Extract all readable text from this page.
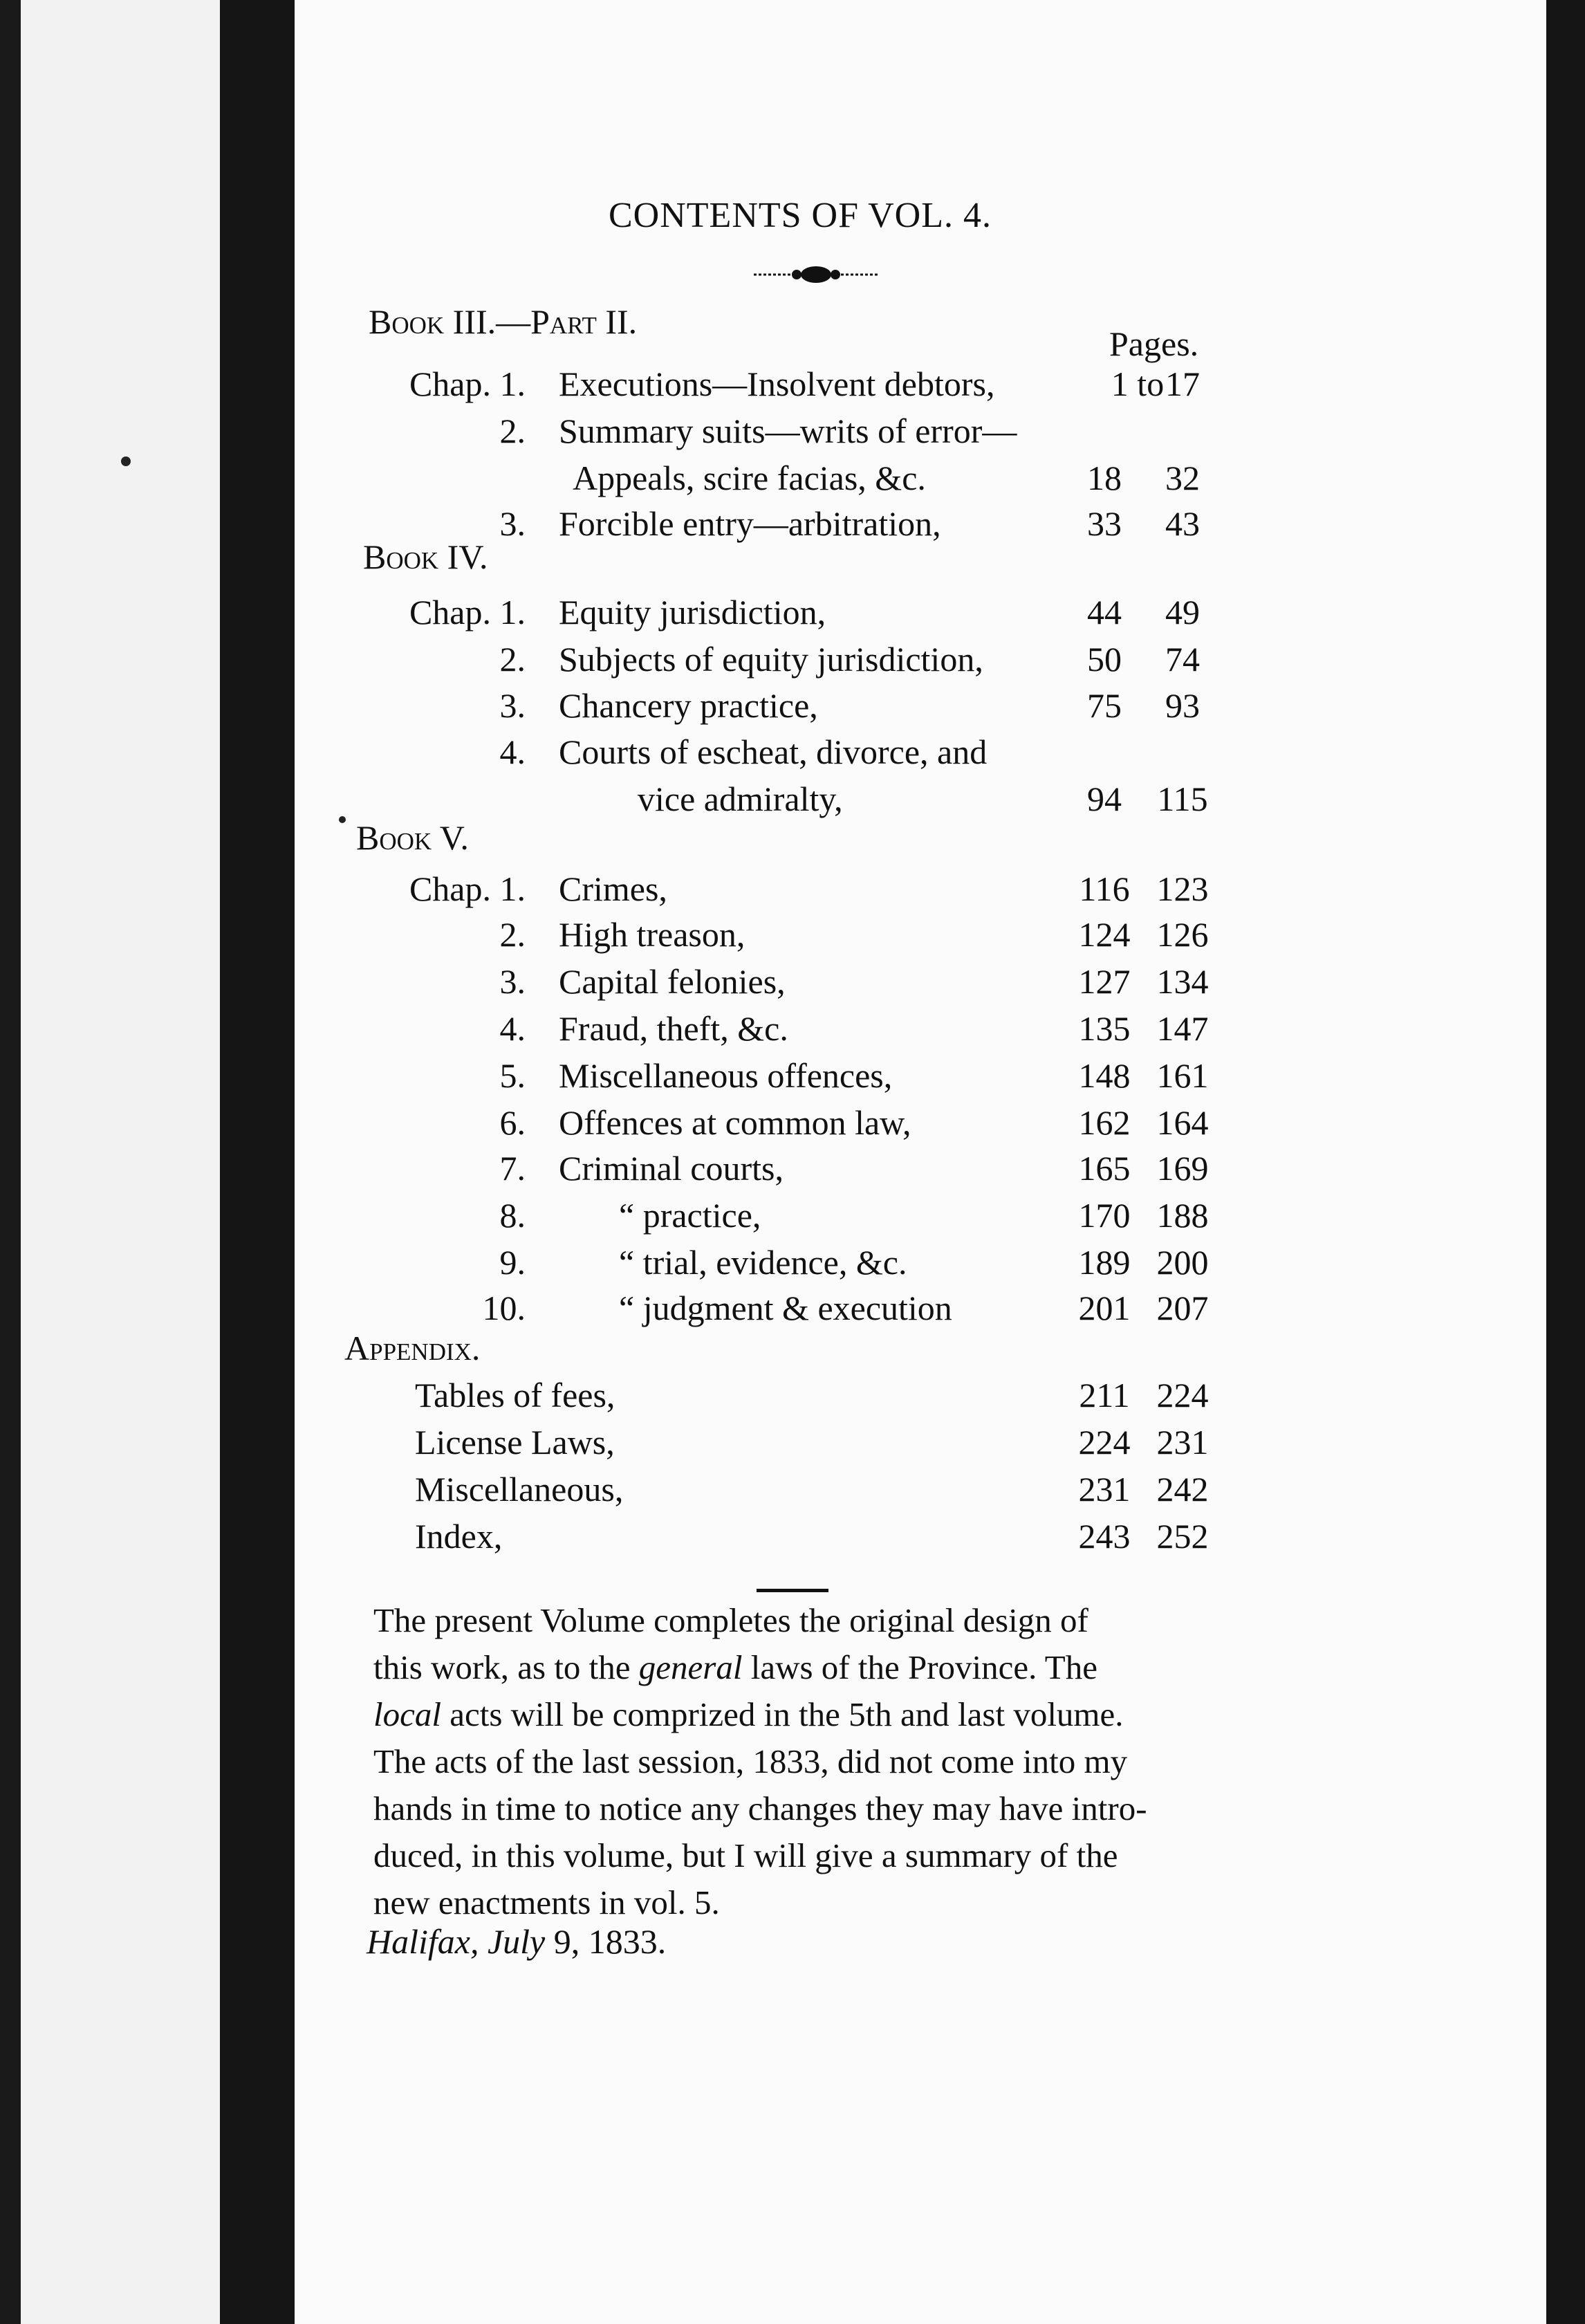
CONTENTS OF VOL. 4.
Pages.
Book III.—Part II.
Chap. 1. Executions—Insolvent debtors,	1 to 17
2. Summary suits—writs of error—
Appeals, scire facias, &c.	18	32
3. Forcible entry—arbitration,	33	43
Book IV.
Chap. 1. Equity jurisdiction,	44	49
2. Subjects of equity jurisdiction,	50	74
3. Chancery practice,	75	93
4. Courts of escheat, divorce, and
vice admiralty,	94	115
Book V.
Chap. 1. Crimes,	116 123
2. High treason,	124 126
3. Capital felonies,	127 134
4. Fraud, theft, &c.	135 147
5. Miscellaneous offences,	148 161
6. Offences at common law,	162 164
7. Criminal courts,	165 169
8.	“ practice,	170 188
9.	“ trial, evidence, &c.	189 200
10.	“ judgment & execution	201 207
Appendix.
Tables of fees,	211 224
License Laws,	224 231
Miscellaneous,	231 242
Index,	243 252
The present Volume completes the original design of
this work, as to the general laws of the Province. The
local acts will be comprized in the 5th and last volume.
The acts of the last session, 1833, did not come into my
hands in time to notice any changes they may have intro-
duced, in this volume, but I will give a summary of the
new enactments in vol. 5.
Halifax, July 9, 1833.
